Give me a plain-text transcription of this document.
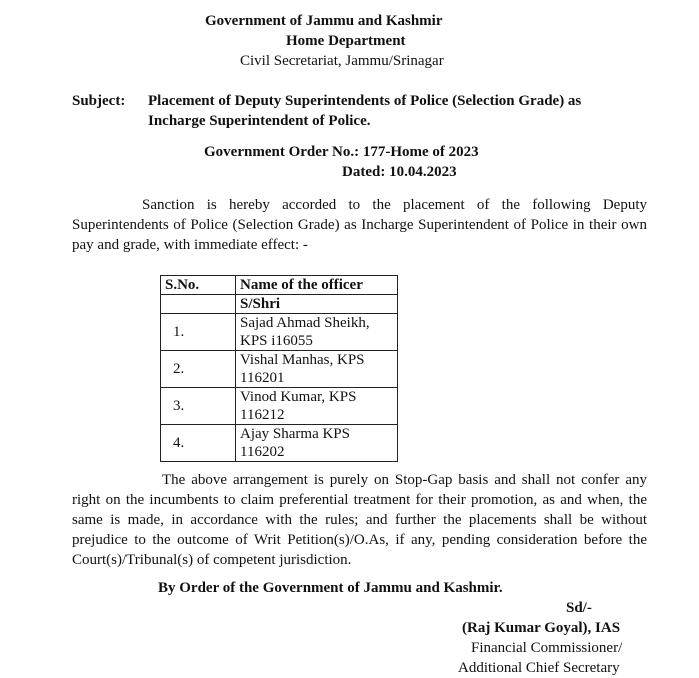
Government of Jammu and Kashmir
Home Department
Civil Secretariat, Jammu/Srinagar
Subject:	Placement of Deputy Superintendents of Police (Selection Grade) as
Incharge Superintendent of Police.
Government Order No.: 177-Home of 2023
Dated: 10.04.2023
Sanction is hereby accorded to the placement of the following Deputy Superintendents of Police (Selection Grade) as Incharge Superintendent of Police in their own pay and grade, with immediate effect: -
S.No.	Name of the officer
	S/Shri
1.	Sajad Ahmad Sheikh, KPS i16055
2.	Vishal Manhas, KPS 116201
3.	Vinod Kumar, KPS 116212
4.	Ajay Sharma KPS 116202
The above arrangement is purely on Stop-Gap basis and shall not confer any right on the incumbents to claim preferential treatment for their promotion, as and when, the same is made, in accordance with the rules; and further the placements shall be without prejudice to the outcome of Writ Petition(s)/O.As, if any, pending consideration before the Court(s)/Tribunal(s) of competent jurisdiction.
By Order of the Government of Jammu and Kashmir.
Sd/-
(Raj Kumar Goyal), IAS
Financial Commissioner/
Additional Chief Secretary
